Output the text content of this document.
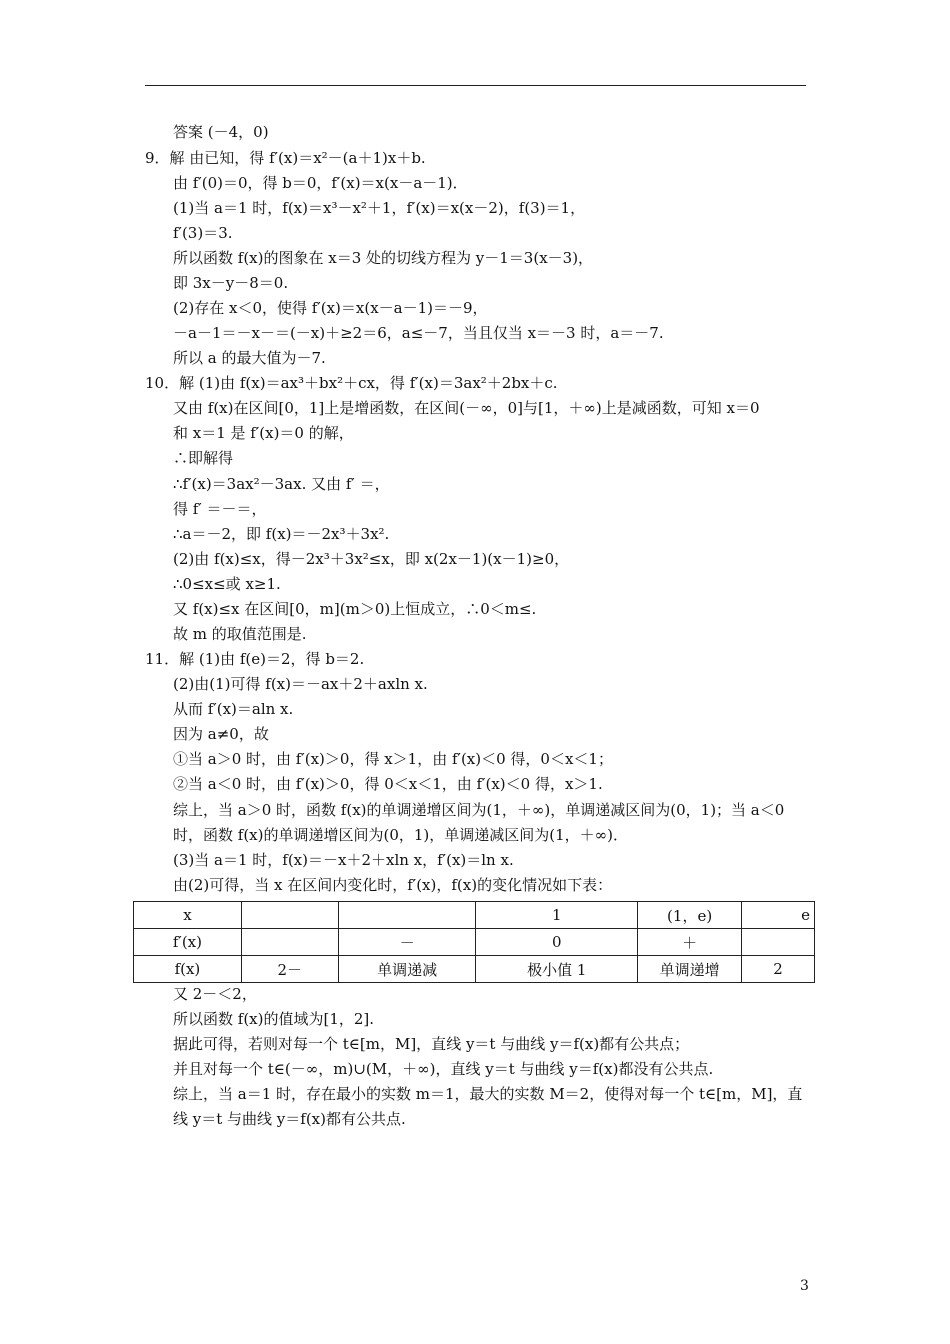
答案 (－4，0)
9．解 由已知，得 f′(x)＝x²－(a＋1)x＋b.
由 f′(0)＝0，得 b＝0，f′(x)＝x(x－a－1)．
(1)当 a＝1 时，f(x)＝x³－x²＋1，f′(x)＝x(x－2)，f(3)＝1，
f′(3)＝3.
所以函数 f(x)的图象在 x＝3 处的切线方程为 y－1＝3(x－3)，
即 3x－y－8＝0.
(2)存在 x＜0，使得 f′(x)＝x(x－a－1)＝－9，
－a－1＝－x－＝(－x)＋≥2＝6，a≤－7，当且仅当 x＝－3 时，a＝－7.
所以 a 的最大值为－7.
10．解 (1)由 f(x)＝ax³＋bx²＋cx，得 f′(x)＝3ax²＋2bx＋c.
又由 f(x)在区间[0，1]上是增函数，在区间(－∞，0]与[1，＋∞)上是减函数，可知 x＝0
和 x＝1 是 f′(x)＝0 的解，
∴即解得
∴f′(x)＝3ax²－3ax. 又由 f′ ＝，
得 f′ ＝－＝，
∴a＝－2，即 f(x)＝－2x³＋3x².
(2)由 f(x)≤x，得－2x³＋3x²≤x，即 x(2x－1)(x－1)≥0，
∴0≤x≤或 x≥1.
又 f(x)≤x 在区间[0，m](m＞0)上恒成立，∴0＜m≤.
故 m 的取值范围是.
11．解 (1)由 f(e)＝2，得 b＝2.
(2)由(1)可得 f(x)＝－ax＋2＋axln x.
从而 f′(x)＝aln x.
因为 a≠0，故
①当 a＞0 时，由 f′(x)＞0，得 x＞1，由 f′(x)＜0 得，0＜x＜1；
②当 a＜0 时，由 f′(x)＞0，得 0＜x＜1，由 f′(x)＜0 得，x＞1.
综上，当 a＞0 时，函数 f(x)的单调递增区间为(1，＋∞)，单调递减区间为(0，1)；当 a＜0
时，函数 f(x)的单调递增区间为(0，1)，单调递减区间为(1，＋∞)．
(3)当 a＝1 时，f(x)＝－x＋2＋xln x，f′(x)＝ln x.
由(2)可得，当 x 在区间内变化时，f′(x)，f(x)的变化情况如下表：
x			1	(1，e)	e
f′(x)		－	0	＋	
f(x)	2－	单调递减	极小值 1	单调递增	2
又 2－＜2，
所以函数 f(x)的值域为[1，2].
据此可得，若则对每一个 t∈[m，M]，直线 y＝t 与曲线 y＝f(x)都有公共点；
并且对每一个 t∈(－∞，m)∪(M，＋∞)，直线 y＝t 与曲线 y＝f(x)都没有公共点.
综上，当 a＝1 时，存在最小的实数 m＝1，最大的实数 M＝2，使得对每一个 t∈[m，M]，直
线 y＝t 与曲线 y＝f(x)都有公共点.
3
